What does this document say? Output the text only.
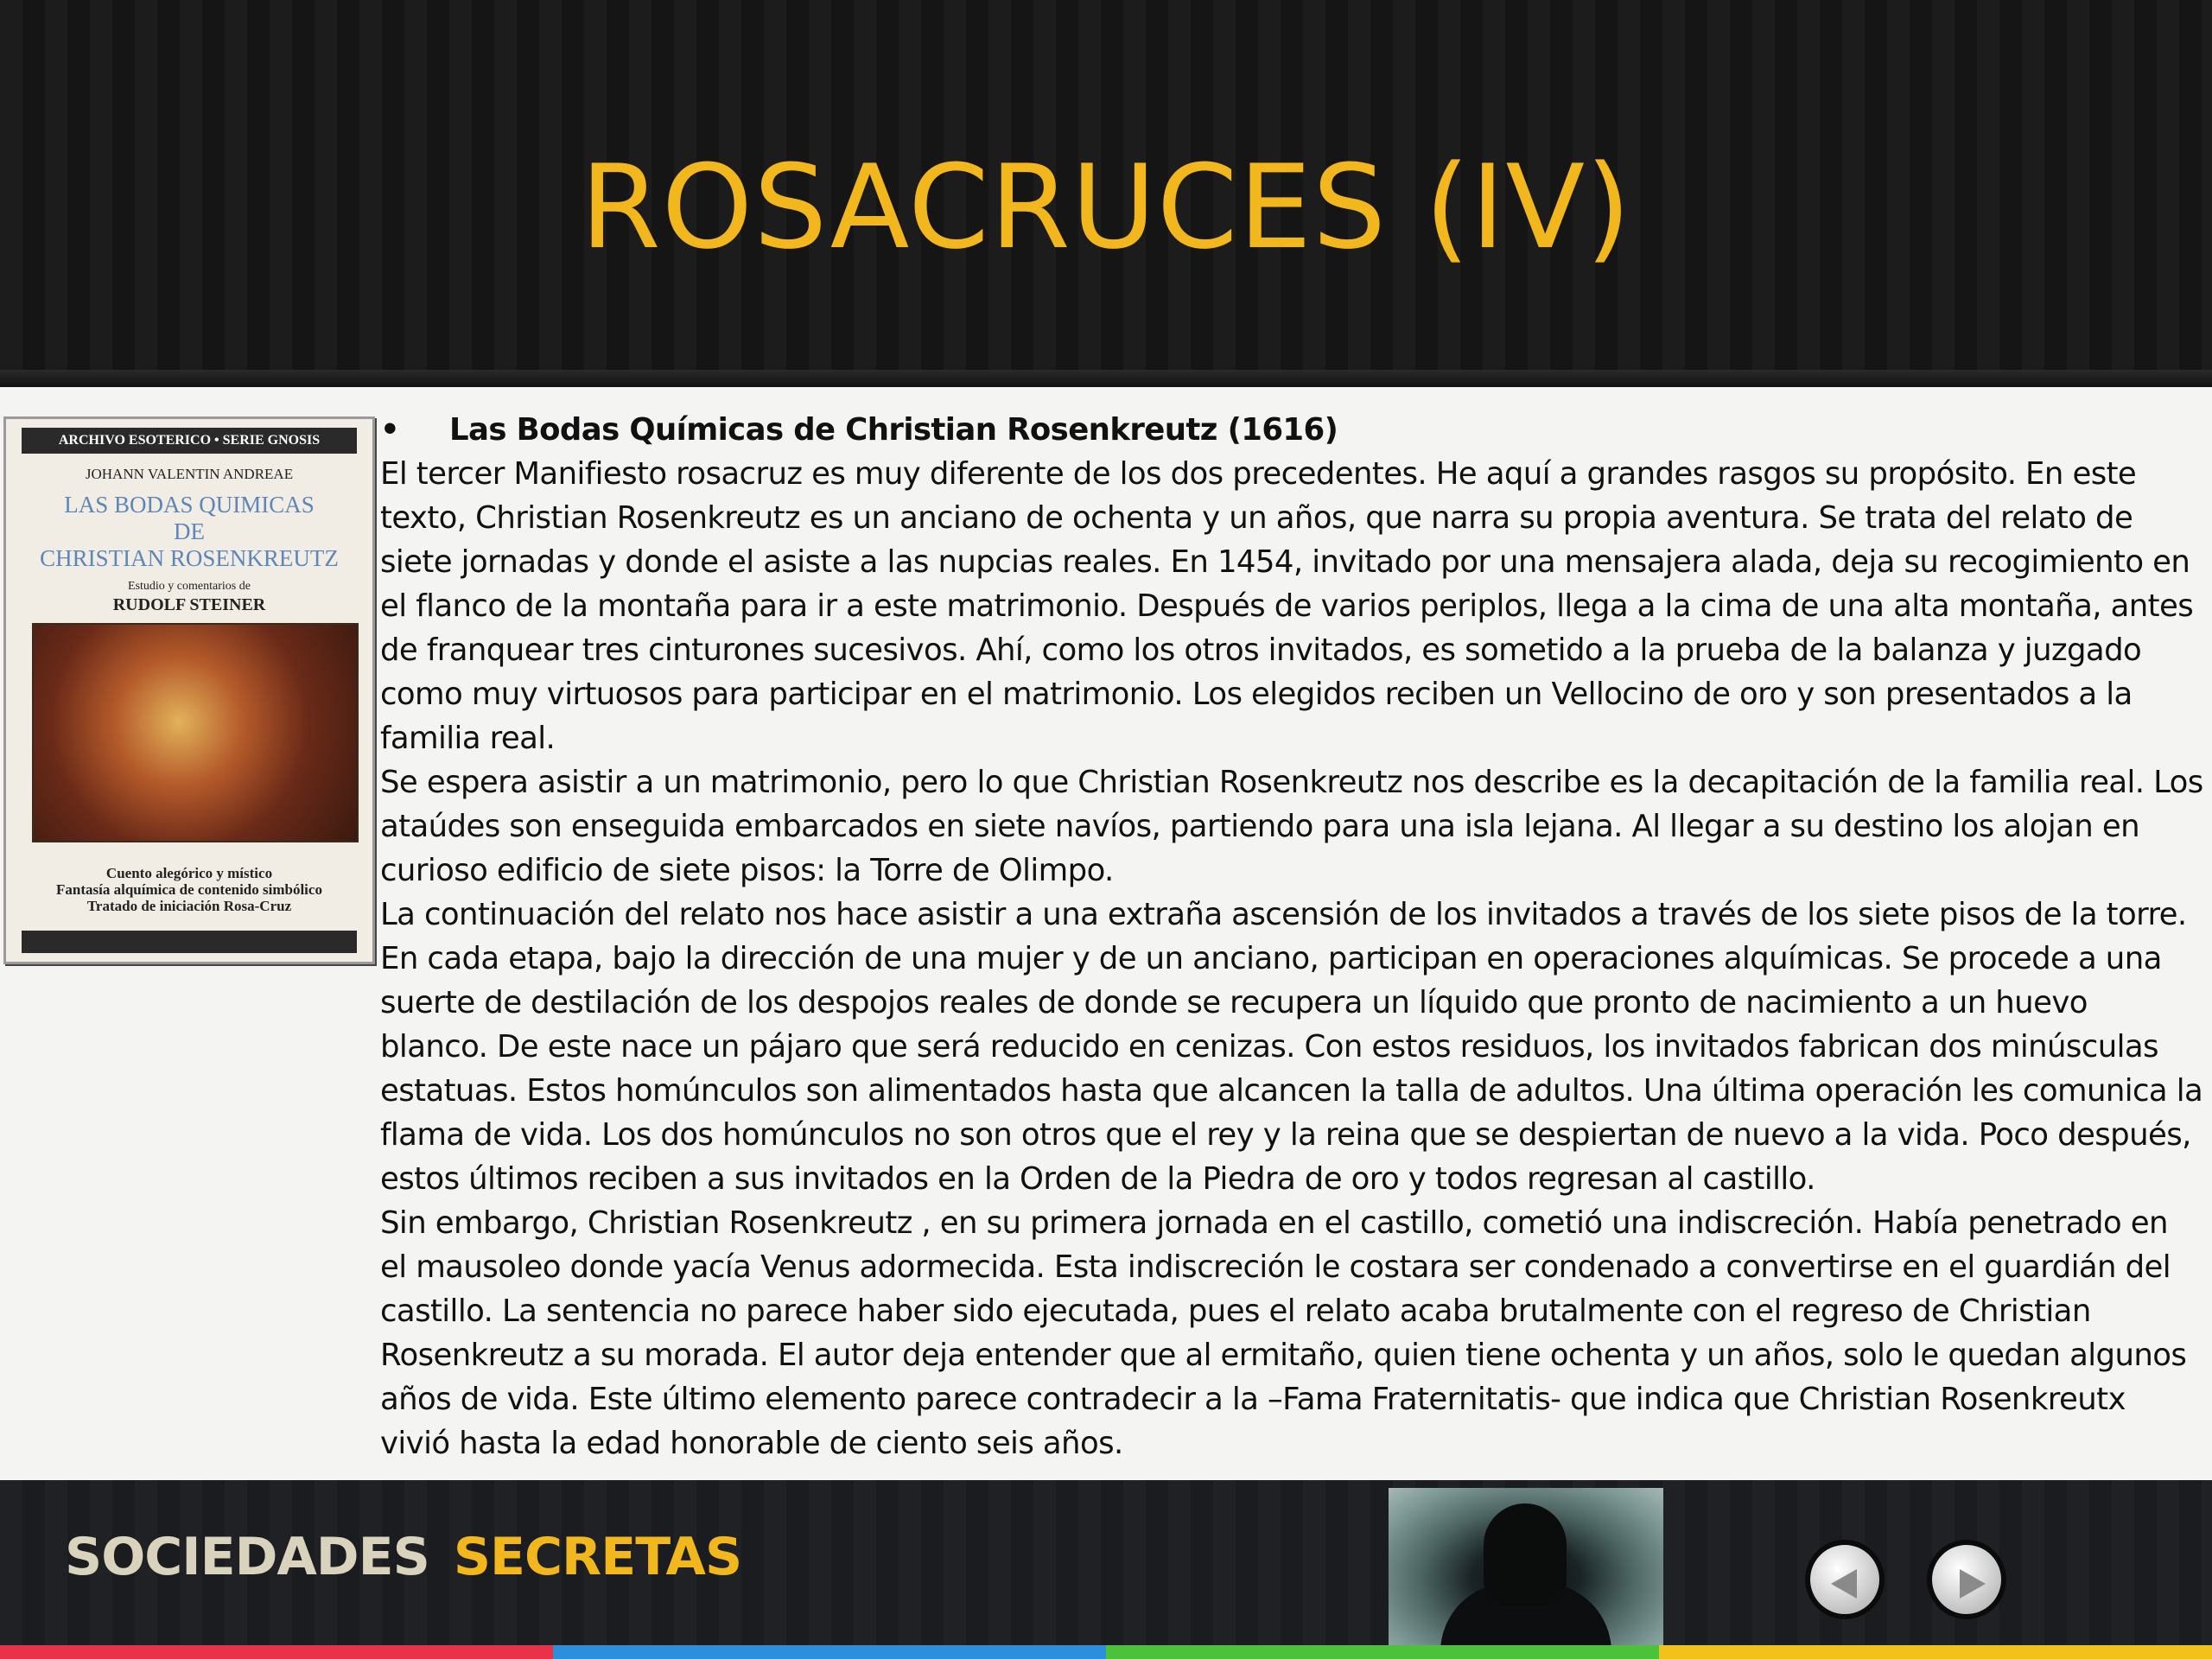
ROSACRUCES (IV)
ARCHIVO ESOTERICO • SERIE GNOSIS
JOHANN VALENTIN ANDREAE
LAS BODAS QUIMICAS
DE
CHRISTIAN ROSENKREUTZ
Estudio y comentarios de
RUDOLF STEINER
Cuento alegórico y místico
Fantasía alquímica de contenido simbólico
Tratado de iniciación Rosa-Cruz
• Las Bodas Químicas de Christian Rosenkreutz (1616)

El tercer Manifiesto rosacruz es muy diferente de los dos precedentes. He aquí a grandes rasgos su propósito. En este texto, Christian Rosenkreutz es un anciano de ochenta y un años, que narra su propia aventura. Se trata del relato de siete jornadas y donde el asiste a las nupcias reales. En 1454, invitado por una mensajera alada, deja su recogimiento en el flanco de la montaña para ir a este matrimonio. Después de varios periplos, llega a la cima de una alta montaña, antes de franquear tres cinturones sucesivos. Ahí, como los otros invitados, es sometido a la prueba de la balanza y juzgado como muy virtuosos para participar en el matrimonio. Los elegidos reciben un Vellocino de oro y son presentados a la familia real.

Se espera asistir a un matrimonio, pero lo que Christian Rosenkreutz nos describe es la decapitación de la familia real. Los ataúdes son enseguida embarcados en siete navíos, partiendo para una isla lejana. Al llegar a su destino los alojan en curioso edificio de siete pisos: la Torre de Olimpo.

La continuación del relato nos hace asistir a una extraña ascensión de los invitados a través de los siete pisos de la torre. En cada etapa, bajo la dirección de una mujer y de un anciano, participan en operaciones alquímicas. Se procede a una suerte de destilación de los despojos reales de donde se recupera un líquido que pronto de nacimiento a un huevo blanco. De este nace un pájaro que será reducido en cenizas. Con estos residuos, los invitados fabrican dos minúsculas estatuas. Estos homúnculos son alimentados hasta que alcancen la talla de adultos. Una última operación les comunica la flama de vida. Los dos homúnculos no son otros que el rey y la reina que se despiertan de nuevo a la vida. Poco después, estos últimos reciben a sus invitados en la Orden de la Piedra de oro y todos regresan al castillo.

Sin embargo, Christian Rosenkreutz , en su primera jornada en el castillo, cometió una indiscreción. Había penetrado en el mausoleo donde yacía Venus adormecida. Esta indiscreción le costara ser condenado a convertirse en el guardián del castillo. La sentencia no parece haber sido ejecutada, pues el relato acaba brutalmente con el regreso de Christian Rosenkreutz a su morada. El autor deja entender que al ermitaño, quien tiene ochenta y un años, solo le quedan algunos años de vida. Este último elemento parece contradecir a la –Fama Fraternitatis- que indica que Christian Rosenkreutx vivió hasta la edad honorable de ciento seis años.

SOCIEDADES SECRETAS
